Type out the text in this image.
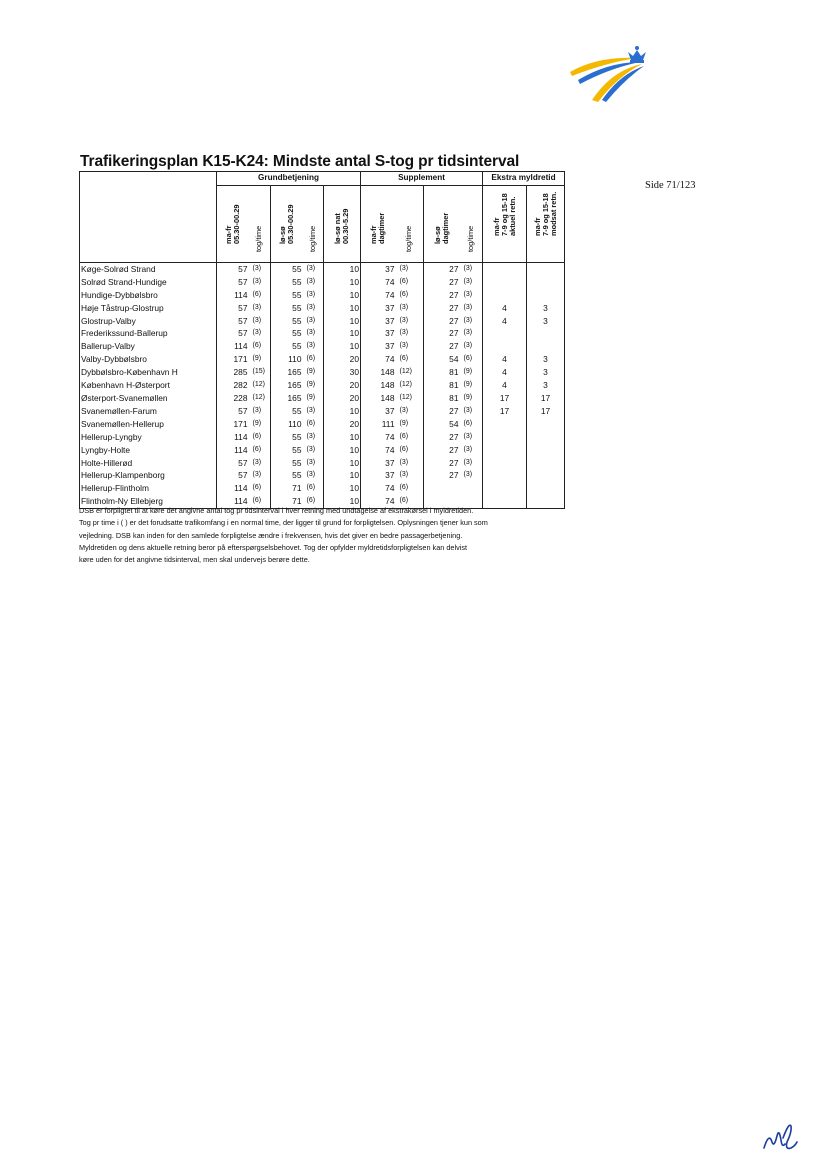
Trafikeringsplan K15-K24: Mindste antal S-tog pr tidsinterval
Side 71/123
	Grundbetjening					Supplement				Ekstra myldretid	

	ma-fr 05.30-00.29	tog/time	lø-sø 05.30-00.29	tog/time	lø-sø nat 00.30-5.29	ma-fr dagtimer	tog/time	lø-sø dagtimer	tog/time	ma-fr 7-9 og 15-18 aktuel retn.	ma-fr 7-9 og 15-18 modsat retn.

Køge-Solrød Strand	57	(3)	55	(3)	10	37	(3)	27	(3)		
Solrød Strand-Hundige	57	(3)	55	(3)	10	74	(6)	27	(3)		
Hundige-Dybbølsbro	114	(6)	55	(3)	10	74	(6)	27	(3)		
Høje Tåstrup-Glostrup	57	(3)	55	(3)	10	37	(3)	27	(3)	4	3
Glostrup-Valby	57	(3)	55	(3)	10	37	(3)	27	(3)	4	3
Frederikssund-Ballerup	57	(3)	55	(3)	10	37	(3)	27	(3)		
Ballerup-Valby	114	(6)	55	(3)	10	37	(3)	27	(3)		
Valby-Dybbølsbro	171	(9)	110	(6)	20	74	(6)	54	(6)	4	3
Dybbølsbro-København H	285	(15)	165	(9)	30	148	(12)	81	(9)	4	3
København H-Østerport	282	(12)	165	(9)	20	148	(12)	81	(9)	4	3
Østerport-Svanemøllen	228	(12)	165	(9)	20	148	(12)	81	(9)	17	17
Svanemøllen-Farum	57	(3)	55	(3)	10	37	(3)	27	(3)	17	17
Svanemøllen-Hellerup	171	(9)	110	(6)	20	111	(9)	54	(6)		
Hellerup-Lyngby	114	(6)	55	(3)	10	74	(6)	27	(3)		
Lyngby-Holte	114	(6)	55	(3)	10	74	(6)	27	(3)		
Holte-Hillerød	57	(3)	55	(3)	10	37	(3)	27	(3)		
Hellerup-Klampenborg	57	(3)	55	(3)	10	37	(3)	27	(3)		
Hellerup-Flintholm	114	(6)	71	(6)	10	74	(6)				
Flintholm-Ny Ellebjerg	114	(6)	71	(6)	10	74	(6)				

DSB er forpligtet til at køre det angivne antal tog pr tidsinterval i hver retning med undtagelse af ekstrakørsel i myldretiden.

Tog pr time i ( ) er det forudsatte trafikomfang i en normal time, der ligger til grund for forpligtelsen. Oplysningen tjener kun som

vejledning. DSB kan inden for den samlede forpligtelse ændre i frekvensen, hvis det giver en bedre passagerbetjening.

Myldretiden og dens aktuelle retning beror på efterspørgselsbehovet. Tog der opfylder myldretidsforpligtelsen kan delvist

køre uden for det angivne tidsinterval, men skal undervejs berøre dette.
